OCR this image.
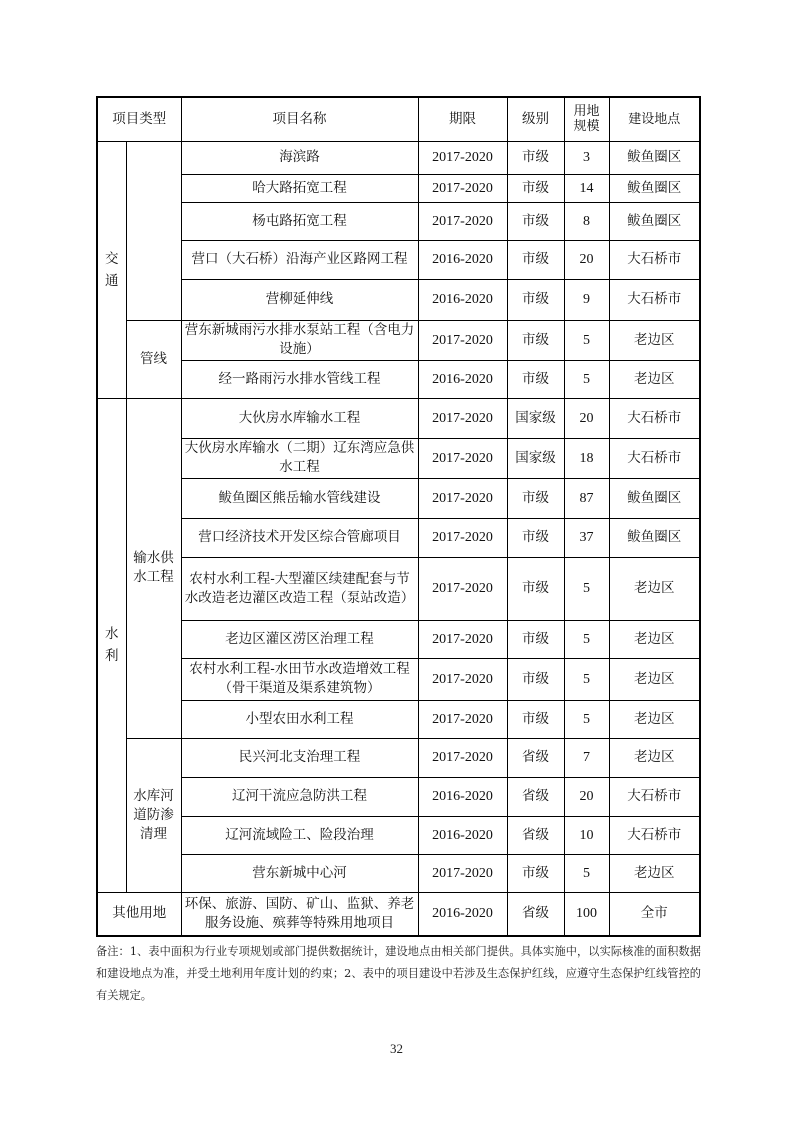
项目类型		项目名称	期限	级别	用地规模	建设地点
交通		海滨路	2017-2020	市级	3	鲅鱼圈区
		哈大路拓宽工程	2017-2020	市级	14	鲅鱼圈区
		杨屯路拓宽工程	2017-2020	市级	8	鲅鱼圈区
		营口（大石桥）沿海产业区路网工程	2016-2020	市级	20	大石桥市
		营柳延伸线	2016-2020	市级	9	大石桥市
	管线	营东新城雨污水排水泵站工程（含电力设施）	2017-2020	市级	5	老边区
		经一路雨污水排水管线工程	2016-2020	市级	5	老边区
水利	输水供水工程	大伙房水库输水工程	2017-2020	国家级	20	大石桥市
		大伙房水库输水（二期）辽东湾应急供水工程	2017-2020	国家级	18	大石桥市
		鲅鱼圈区熊岳输水管线建设	2017-2020	市级	87	鲅鱼圈区
		营口经济技术开发区综合管廊项目	2017-2020	市级	37	鲅鱼圈区
		农村水利工程-大型灌区续建配套与节水改造老边灌区改造工程（泵站改造）	2017-2020	市级	5	老边区
		老边区灌区涝区治理工程	2017-2020	市级	5	老边区
		农村水利工程-水田节水改造增效工程（骨干渠道及渠系建筑物）	2017-2020	市级	5	老边区
		小型农田水利工程	2017-2020	市级	5	老边区
	水库河道防渗清理	民兴河北支治理工程	2017-2020	省级	7	老边区
		辽河干流应急防洪工程	2016-2020	省级	20	大石桥市
		辽河流域险工、险段治理	2016-2020	省级	10	大石桥市
		营东新城中心河	2017-2020	市级	5	老边区
其他用地		环保、旅游、国防、矿山、监狱、养老服务设施、殡葬等特殊用地项目	2016-2020	省级	100	全市

备注：1、表中面积为行业专项规划或部门提供数据统计，建设地点由相关部门提供。具体实施中，以实际核准的面积数据和建设地点为准，并受土地利用年度计划的约束；2、表中的项目建设中若涉及生态保护红线，应遵守生态保护红线管控的有关规定。

32
